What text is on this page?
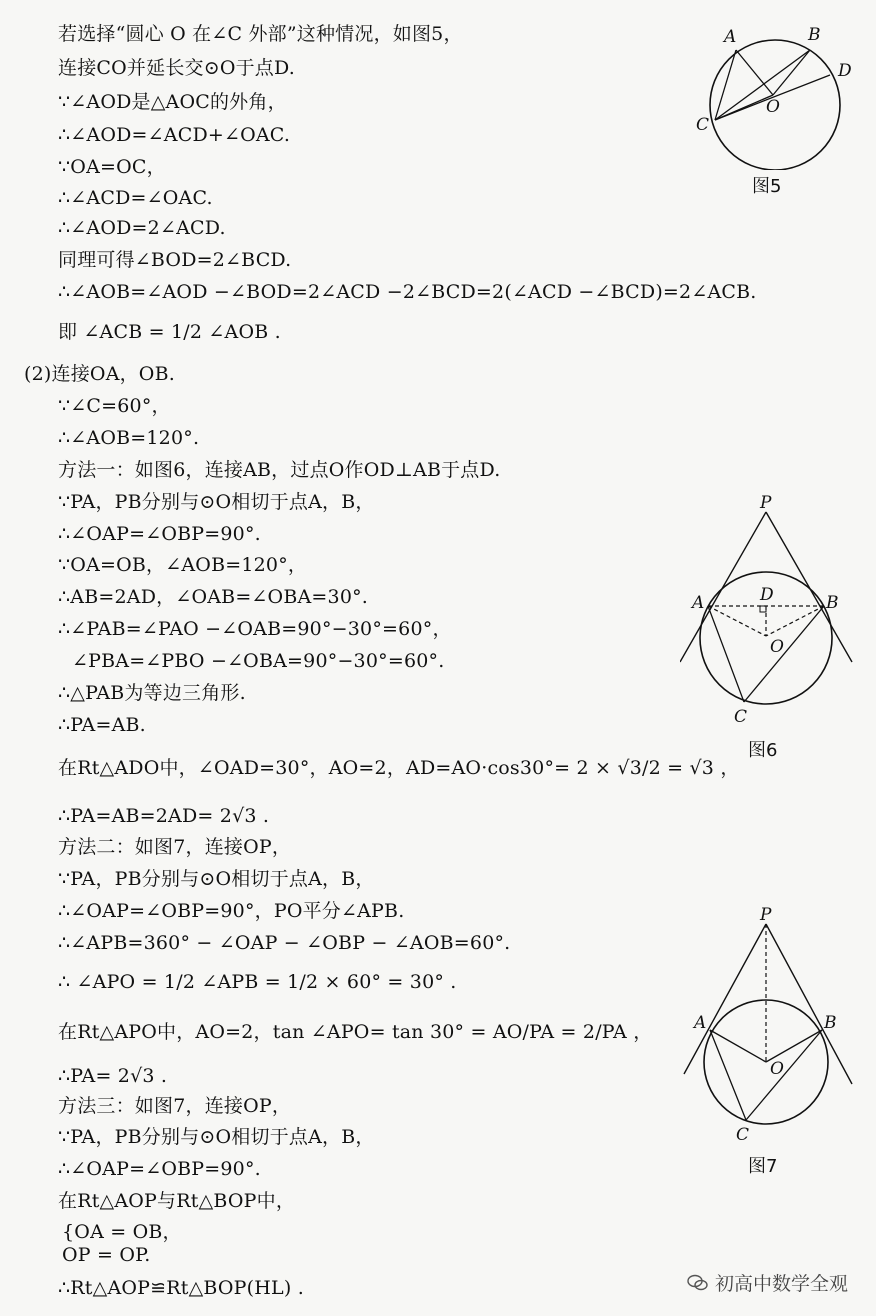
若选择“圆心 O 在∠C 外部”这种情况，如图5，
连接CO并延长交⊙O于点D.
∵∠AOD是△AOC的外角，
∴∠AOD=∠ACD+∠OAC.
∵OA=OC，
∴∠ACD=∠OAC.
∴∠AOD=2∠ACD.
同理可得∠BOD=2∠BCD.
∴∠AOB=∠AOD −∠BOD=2∠ACD −2∠BCD=2(∠ACD −∠BCD)=2∠ACB.
即 ∠ACB = 1/2 ∠AOB .
(2)连接OA，OB.
∵∠C=60°，
∴∠AOB=120°.
方法一：如图6，连接AB，过点O作OD⊥AB于点D.
∵PA，PB分别与⊙O相切于点A，B，
∴∠OAP=∠OBP=90°.
∵OA=OB，∠AOB=120°，
∴AB=2AD，∠OAB=∠OBA=30°.
∴∠PAB=∠PAO −∠OAB=90°−30°=60°，
∠PBA=∠PBO −∠OBA=90°−30°=60°.
∴△PAB为等边三角形.
∴PA=AB.
在Rt△ADO中，∠OAD=30°，AO=2，AD=AO·cos30°= 2 × √3/2 = √3 ，
∴PA=AB=2AD= 2√3 .
方法二：如图7，连接OP，
∵PA，PB分别与⊙O相切于点A，B，
∴∠OAP=∠OBP=90°，PO平分∠APB.
∴∠APB=360° − ∠OAP − ∠OBP − ∠AOB=60°.
∴ ∠APO = 1/2 ∠APB = 1/2 × 60° = 30° .
在Rt△APO中，AO=2，tan ∠APO= tan 30° = AO/PA = 2/PA ，
∴PA= 2√3 .
方法三：如图7，连接OP，
∵PA，PB分别与⊙O相切于点A，B，
∴∠OAP=∠OBP=90°.
在Rt△AOP与Rt△BOP中，
{OA = OB，
OP = OP.
∴Rt△AOP≌Rt△BOP(HL) .
A	B
D
O
C
图5
P
A	B
D
O
C
图6
P
A	B
O
C
图7
初高中数学全观
